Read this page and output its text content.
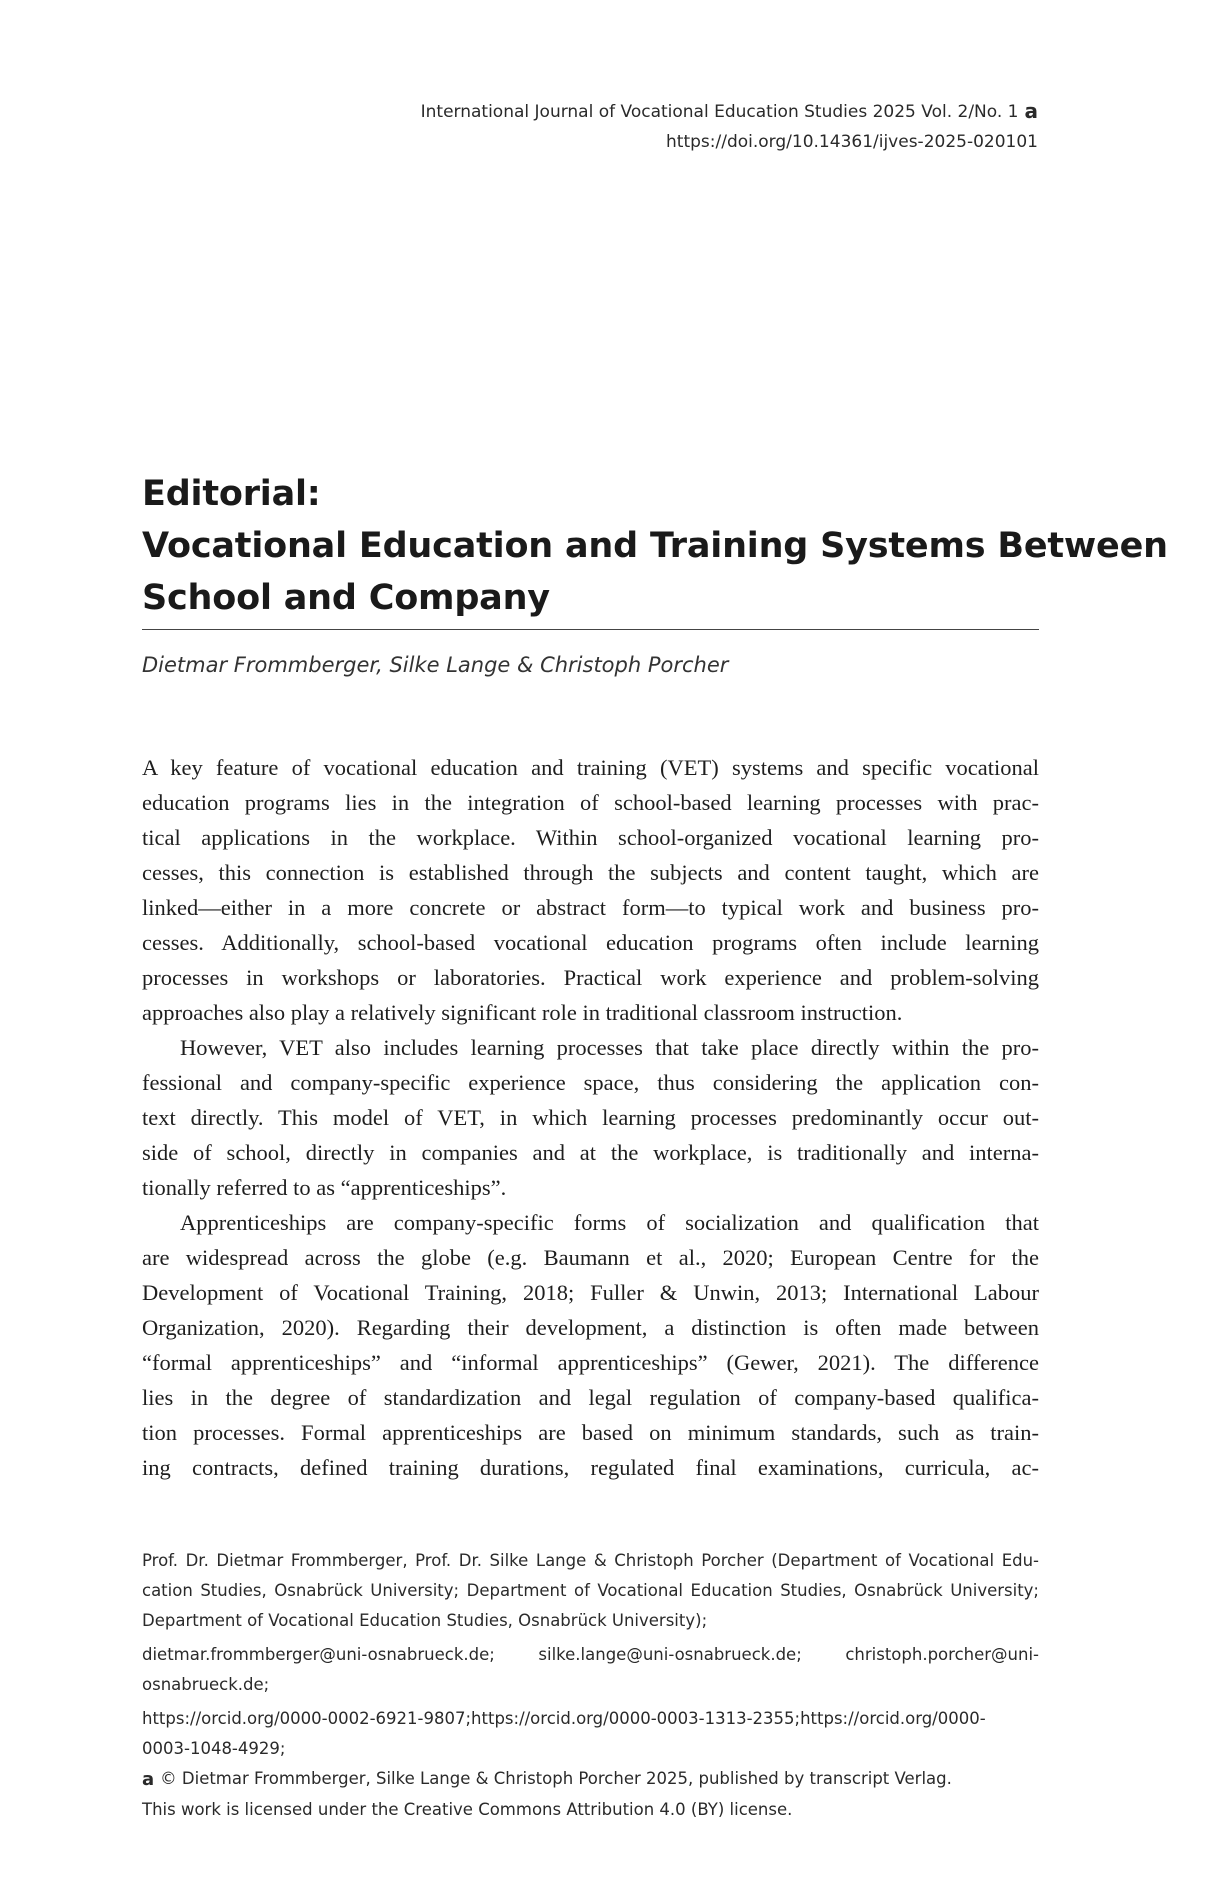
International Journal of Vocational Education Studies 2025 Vol. 2/No. 1 a
https://doi.org/10.14361/ijves-2025-020101
Editorial:
Vocational Education and Training Systems Between
School and Company
Dietmar Frommberger, Silke Lange & Christoph Porcher
A key feature of vocational education and training (VET) systems and specific vocational
education programs lies in the integration of school-based learning processes with prac-
tical applications in the workplace. Within school-organized vocational learning pro-
cesses, this connection is established through the subjects and content taught, which are
linked—either in a more concrete or abstract form—to typical work and business pro-
cesses. Additionally, school-based vocational education programs often include learning
processes in workshops or laboratories. Practical work experience and problem-solving
approaches also play a relatively significant role in traditional classroom instruction.
However, VET also includes learning processes that take place directly within the pro-
fessional and company-specific experience space, thus considering the application con-
text directly. This model of VET, in which learning processes predominantly occur out-
side of school, directly in companies and at the workplace, is traditionally and interna-
tionally referred to as “apprenticeships”.
Apprenticeships are company-specific forms of socialization and qualification that
are widespread across the globe (e.g. Baumann et al., 2020; European Centre for the
Development of Vocational Training, 2018; Fuller & Unwin, 2013; International Labour
Organization, 2020). Regarding their development, a distinction is often made between
“formal apprenticeships” and “informal apprenticeships” (Gewer, 2021). The difference
lies in the degree of standardization and legal regulation of company-based qualifica-
tion processes. Formal apprenticeships are based on minimum standards, such as train-
ing contracts, defined training durations, regulated final examinations, curricula, ac-
Prof. Dr. Dietmar Frommberger, Prof. Dr. Silke Lange & Christoph Porcher (Department of Vocational Edu-
cation Studies, Osnabrück University; Department of Vocational Education Studies, Osnabrück University;
Department of Vocational Education Studies, Osnabrück University);
dietmar.frommberger@uni-osnabrueck.de;     silke.lange@uni-osnabrueck.de;     christoph.porcher@uni-
osnabrueck.de;
https://orcid.org/0000-0002-6921-9807;https://orcid.org/0000-0003-1313-2355;https://orcid.org/0000-
0003-1048-4929;
a © Dietmar Frommberger, Silke Lange & Christoph Porcher 2025, published by transcript Verlag.
This work is licensed under the Creative Commons Attribution 4.0 (BY) license.
